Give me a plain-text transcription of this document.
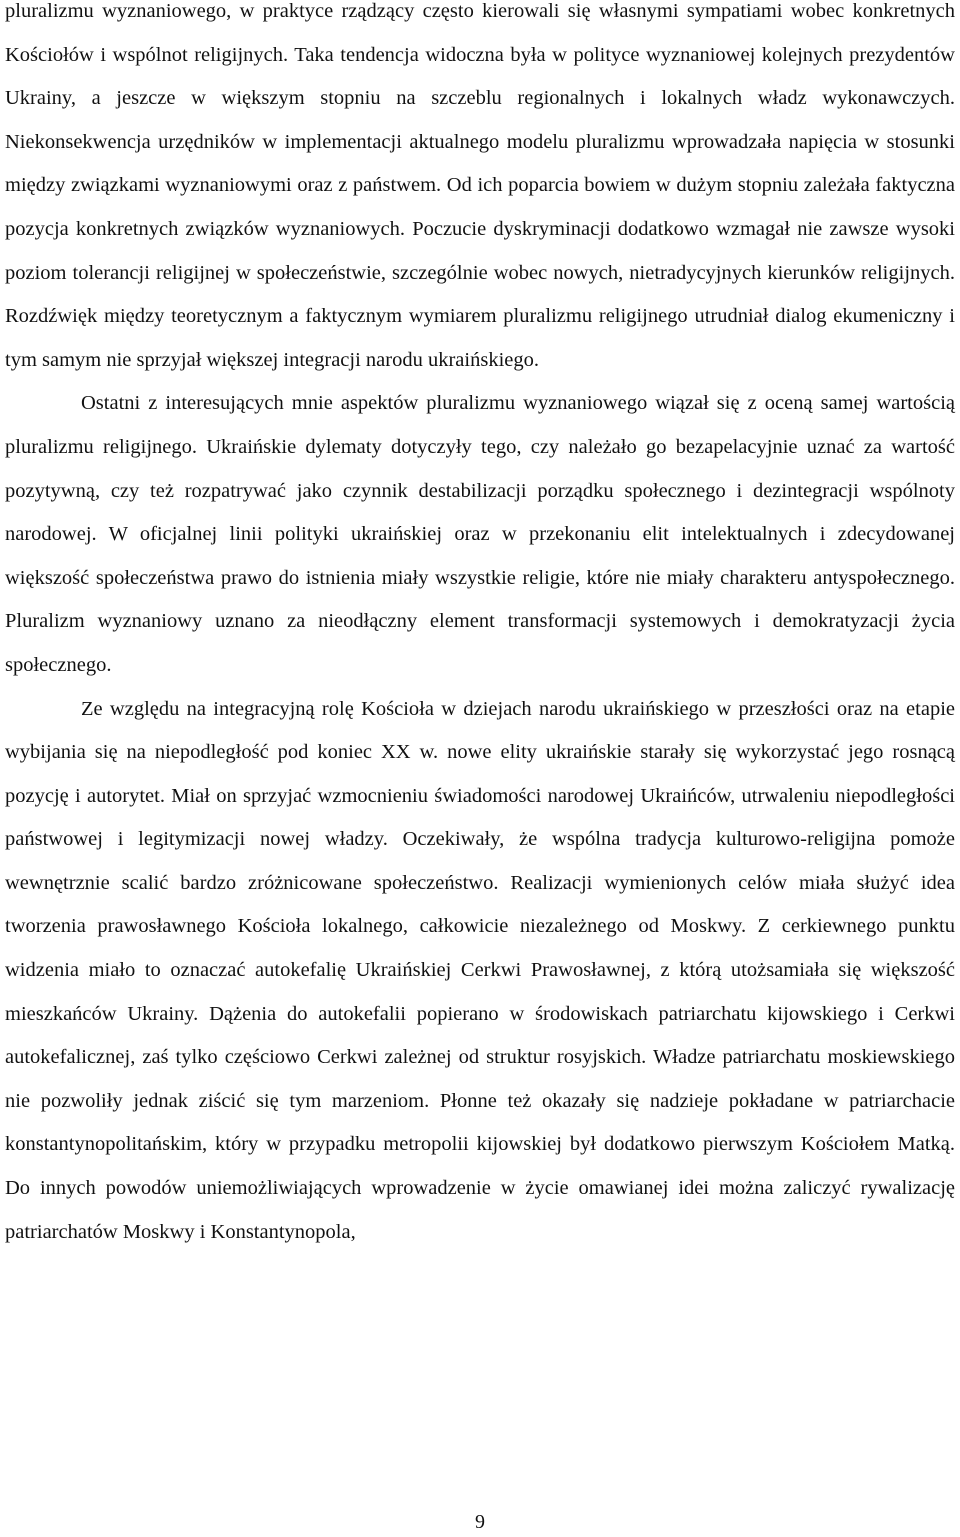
pluralizmu wyznaniowego, w praktyce rządzący często kierowali się własnymi sympatiami wobec konkretnych Kościołów i wspólnot religijnych. Taka tendencja widoczna była w polityce wyznaniowej kolejnych prezydentów Ukrainy, a jeszcze w większym stopniu na szczeblu regionalnych i lokalnych władz wykonawczych. Niekonsekwencja urzędników w implementacji aktualnego modelu pluralizmu wprowadzała napięcia w stosunki między związkami wyznaniowymi oraz z państwem. Od ich poparcia bowiem w dużym stopniu zależała faktyczna pozycja konkretnych związków wyznaniowych. Poczucie dyskryminacji dodatkowo wzmagał nie zawsze wysoki poziom tolerancji religijnej w społeczeństwie, szczególnie wobec nowych, nietradycyjnych kierunków religijnych. Rozdźwięk między teoretycznym a faktycznym wymiarem pluralizmu religijnego utrudniał dialog ekumeniczny i tym samym nie sprzyjał większej integracji narodu ukraińskiego.

Ostatni z interesujących mnie aspektów pluralizmu wyznaniowego wiązał się z oceną samej wartością pluralizmu religijnego. Ukraińskie dylematy dotyczyły tego, czy należało go bezapelacyjnie uznać za wartość pozytywną, czy też rozpatrywać jako czynnik destabilizacji porządku społecznego i dezintegracji wspólnoty narodowej. W oficjalnej linii polityki ukraińskiej oraz w przekonaniu elit intelektualnych i zdecydowanej większość społeczeństwa prawo do istnienia miały wszystkie religie, które nie miały charakteru antyspołecznego. Pluralizm wyznaniowy uznano za nieodłączny element transformacji systemowych i demokratyzacji życia społecznego.

Ze względu na integracyjną rolę Kościoła w dziejach narodu ukraińskiego w przeszłości oraz na etapie wybijania się na niepodległość pod koniec XX w. nowe elity ukraińskie starały się wykorzystać jego rosnącą pozycję i autorytet. Miał on sprzyjać wzmocnieniu świadomości narodowej Ukraińców, utrwaleniu niepodległości państwowej i legitymizacji nowej władzy. Oczekiwały, że wspólna tradycja kulturowo-religijna pomoże wewnętrznie scalić bardzo zróżnicowane społeczeństwo. Realizacji wymienionych celów miała służyć idea tworzenia prawosławnego Kościoła lokalnego, całkowicie niezależnego od Moskwy. Z cerkiewnego punktu widzenia miało to oznaczać autokefalię Ukraińskiej Cerkwi Prawosławnej, z którą utożsamiała się większość mieszkańców Ukrainy. Dążenia do autokefalii popierano w środowiskach patriarchatu kijowskiego i Cerkwi autokefalicznej, zaś tylko częściowo Cerkwi zależnej od struktur rosyjskich. Władze patriarchatu moskiewskiego nie pozwoliły jednak ziścić się tym marzeniom. Płonne też okazały się nadzieje pokładane w patriarchacie konstantynopolitańskim, który w przypadku metropolii kijowskiej był dodatkowo pierwszym Kościołem Matką. Do innych powodów uniemożliwiających wprowadzenie w życie omawianej idei można zaliczyć rywalizację patriarchatów Moskwy i Konstantynopola,

9
